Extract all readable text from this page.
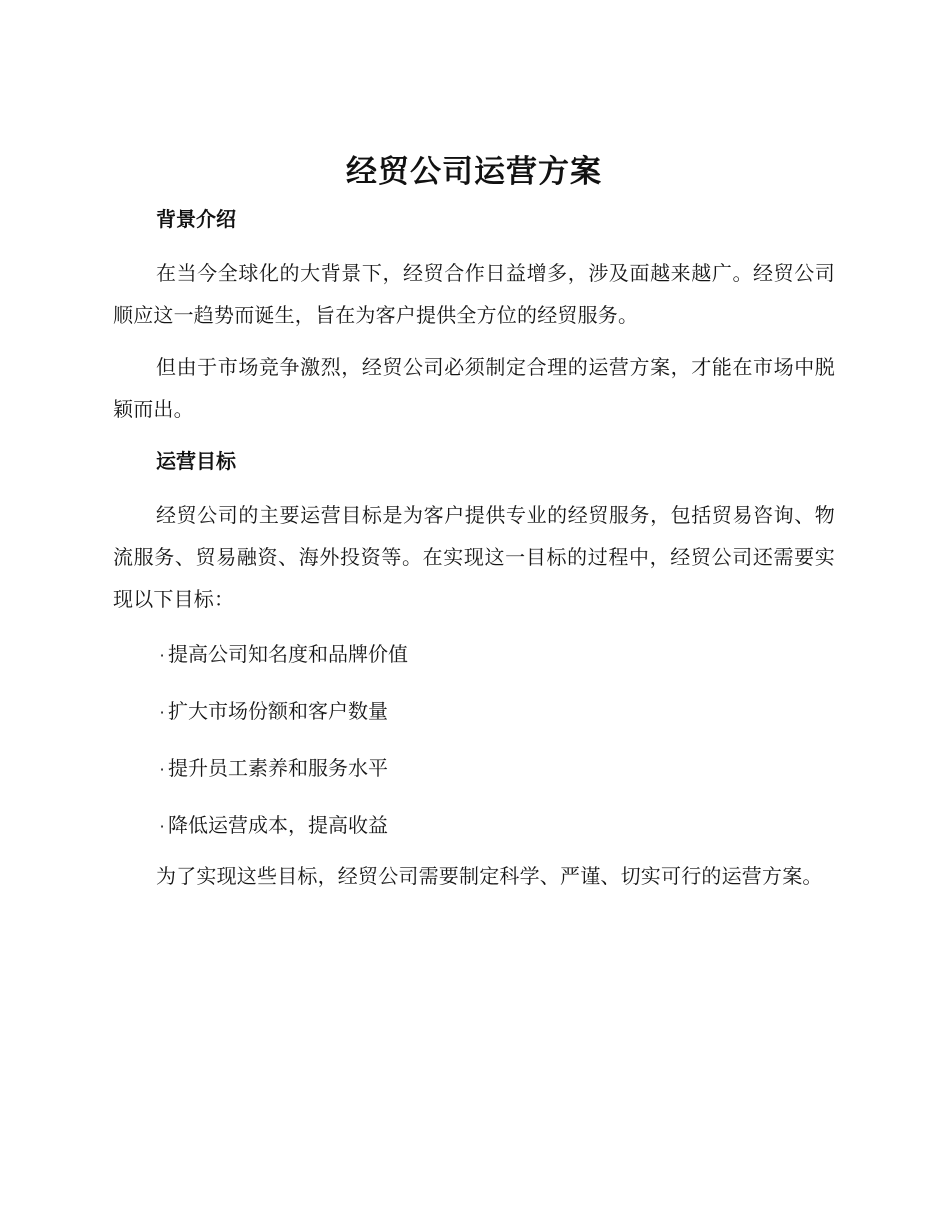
经贸公司运营方案
背景介绍

在当今全球化的大背景下，经贸合作日益增多，涉及面越来越广。经贸公司顺应这一趋势而诞生，旨在为客户提供全方位的经贸服务。

但由于市场竞争激烈，经贸公司必须制定合理的运营方案，才能在市场中脱颖而出。

运营目标

经贸公司的主要运营目标是为客户提供专业的经贸服务，包括贸易咨询、物流服务、贸易融资、海外投资等。在实现这一目标的过程中，经贸公司还需要实现以下目标：

· 提高公司知名度和品牌价值
· 扩大市场份额和客户数量
· 提升员工素养和服务水平
· 降低运营成本，提高收益

为了实现这些目标，经贸公司需要制定科学、严谨、切实可行的运营方案。
